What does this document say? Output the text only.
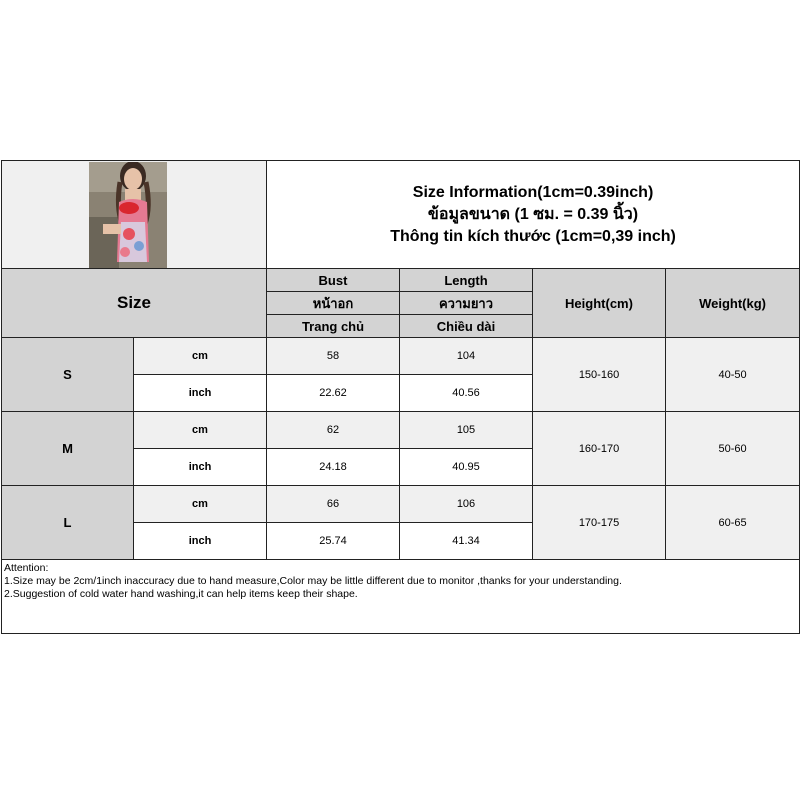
Size Information(1cm=0.39inch)
ข้อมูลขนาด (1 ซม. = 0.39 นิ้ว)
Thông tin kích thước (1cm=0,39 inch)			

Size		Bust	Length	Height(cm)	Weight(kg)
		หน้าอก	ความยาว		
		Trang chủ	Chiều dài		
S	cm	58	104	150-160	40-50
	inch	22.62	40.56		
M	cm	62	105	160-170	50-60
	inch	24.18	40.95		
L	cm	66	106	170-175	60-65
	inch	25.74	41.34		

Attention:
1.Size may be 2cm/1inch inaccuracy due to hand measure,Color may be little different due to monitor ,thanks for your understanding.
2.Suggestion of cold water hand washing,it can help items keep their shape.					
